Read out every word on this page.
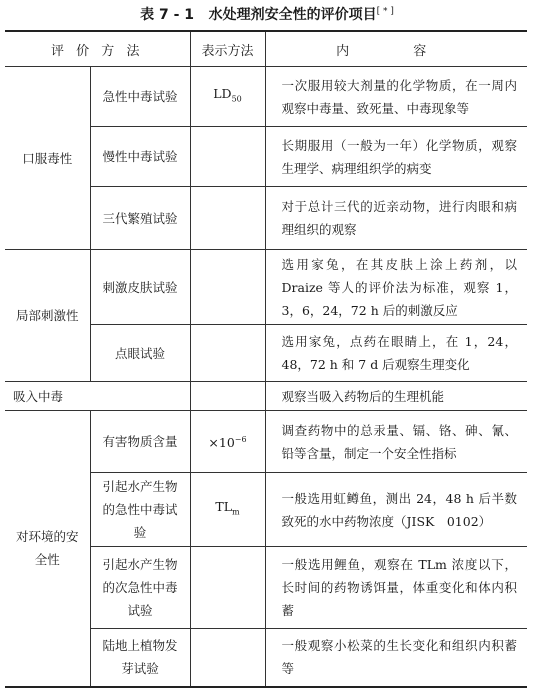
表 7 - 1 水处理剂安全性的评价项目[ * ]
评 价 方 法		表示方法	内 容
口服毒性	急性中毒试验	$LD_{50}$	一次服用较大剂量的化学物质，在一周内观察中毒量、致死量、中毒现象等
	慢性中毒试验		长期服用（一般为一年）化学物质，观察生理学、病理组织学的病变
	三代繁殖试验		对于总计三代的近亲动物，进行肉眼和病理组织的观察
局部刺激性	刺激皮肤试验		选用家兔，在其皮肤上涂上药剂，以 Draize 等人的评价法为标准，观察 1，3，6，24，72 h 后的刺激反应
	点眼试验		选用家兔，点药在眼睛上，在 1，24，48，72 h 和 7 d 后观察生理变化
吸入中毒			观察当吸入药物后的生理机能
对环境的安全性	有害物质含量	$\times 10^{-6}$	调查药物中的总汞量、镉、铬、砷、氰、铅等含量，制定一个安全性指标
	引起水产生物的急性中毒试验	$TL_m$	一般选用虹鳟鱼，测出 24，48 h 后半数致死的水中药物浓度（JISK　0102）
	引起水产生物的次急性中毒试验		一般选用鲤鱼，观察在 TLm 浓度以下，长时间的药物诱饵量，体重变化和体内积蓄
	陆地上植物发芽试验		一般观察小松菜的生长变化和组织内积蓄等
